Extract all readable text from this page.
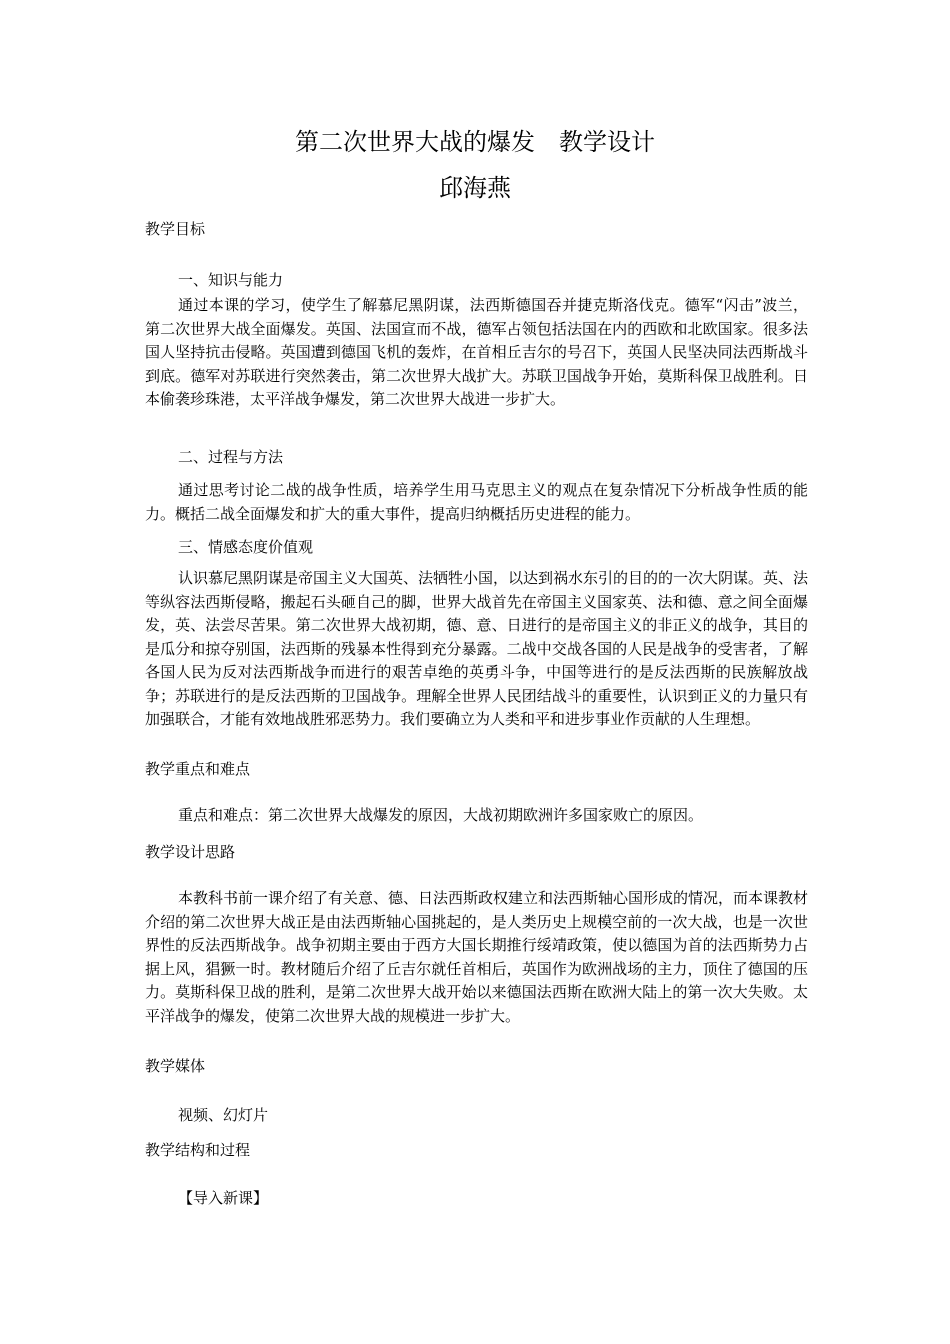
第二次世界大战的爆发　教学设计
邱海燕
教学目标
一、知识与能力

通过本课的学习，使学生了解慕尼黑阴谋，法西斯德国吞并捷克斯洛伐克。德军“闪击”波兰，第二次世界大战全面爆发。英国、法国宣而不战，德军占领包括法国在内的西欧和北欧国家。很多法国人坚持抗击侵略。英国遭到德国飞机的轰炸，在首相丘吉尔的号召下，英国人民坚决同法西斯战斗到底。德军对苏联进行突然袭击，第二次世界大战扩大。苏联卫国战争开始，莫斯科保卫战胜利。日本偷袭珍珠港，太平洋战争爆发，第二次世界大战进一步扩大。

二、过程与方法

通过思考讨论二战的战争性质，培养学生用马克思主义的观点在复杂情况下分析战争性质的能力。概括二战全面爆发和扩大的重大事件，提高归纳概括历史进程的能力。

三、情感态度价值观

认识慕尼黑阴谋是帝国主义大国英、法牺牲小国，以达到祸水东引的目的的一次大阴谋。英、法等纵容法西斯侵略，搬起石头砸自己的脚，世界大战首先在帝国主义国家英、法和德、意之间全面爆发，英、法尝尽苦果。第二次世界大战初期，德、意、日进行的是帝国主义的非正义的战争，其目的是瓜分和掠夺别国，法西斯的残暴本性得到充分暴露。二战中交战各国的人民是战争的受害者，了解各国人民为反对法西斯战争而进行的艰苦卓绝的英勇斗争，中国等进行的是反法西斯的民族解放战争；苏联进行的是反法西斯的卫国战争。理解全世界人民团结战斗的重要性，认识到正义的力量只有加强联合，才能有效地战胜邪恶势力。我们要确立为人类和平和进步事业作贡献的人生理想。

教学重点和难点

重点和难点：第二次世界大战爆发的原因，大战初期欧洲许多国家败亡的原因。

教学设计思路

本教科书前一课介绍了有关意、德、日法西斯政权建立和法西斯轴心国形成的情况，而本课教材介绍的第二次世界大战正是由法西斯轴心国挑起的，是人类历史上规模空前的一次大战，也是一次世界性的反法西斯战争。战争初期主要由于西方大国长期推行绥靖政策，使以德国为首的法西斯势力占据上风，猖獗一时。教材随后介绍了丘吉尔就任首相后，英国作为欧洲战场的主力，顶住了德国的压力。莫斯科保卫战的胜利，是第二次世界大战开始以来德国法西斯在欧洲大陆上的第一次大失败。太平洋战争的爆发，使第二次世界大战的规模进一步扩大。

教学媒体
视频、幻灯片
教学结构和过程
【导入新课】
